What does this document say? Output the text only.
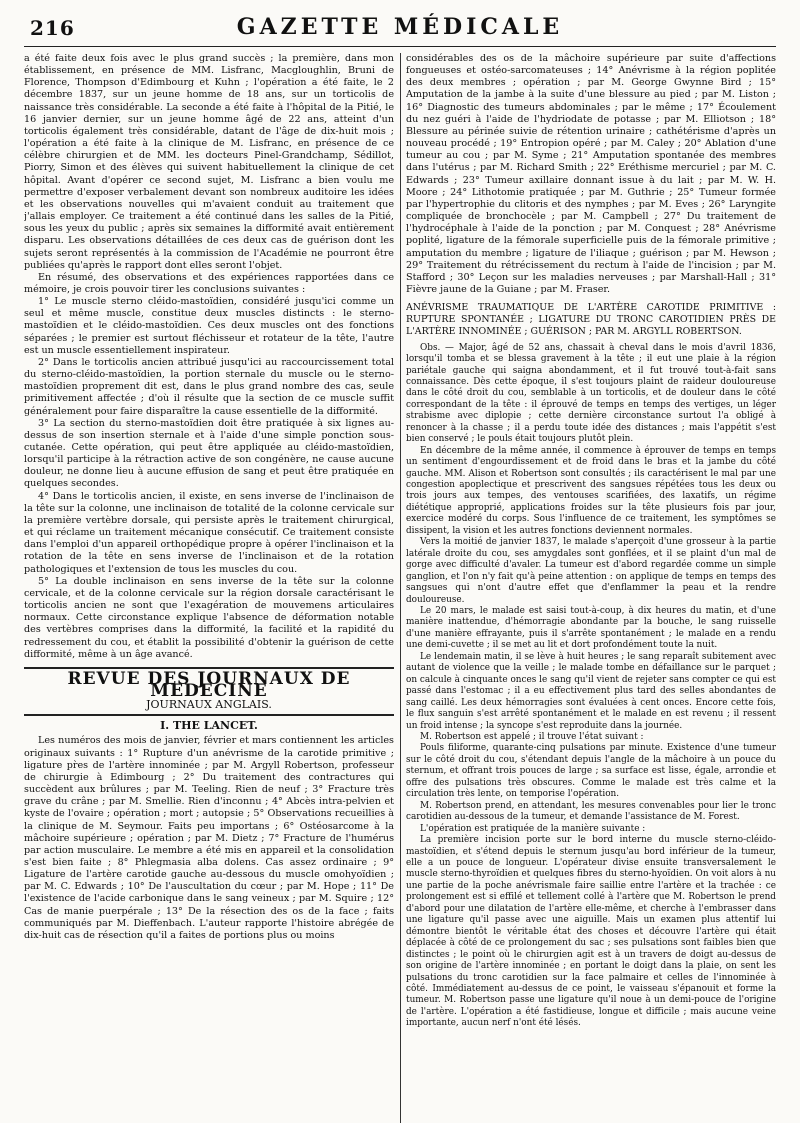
216	GAZETTE MÉDICALE

a été faite deux fois avec le plus grand succès ; la première, dans mon établissement, en présence de MM. Lisfranc, Macgloughlin, Bruni de Florence, Thompson d'Edimbourg et Kuhn ; l'opération a été faite, le 2 décembre 1837, sur un jeune homme de 18 ans, sur un torticolis de naissance très considérable. La seconde a été faite à l'hôpital de la Pitié, le 16 janvier dernier, sur un jeune homme âgé de 22 ans, atteint d'un torticolis également très considérable, datant de l'âge de dix-huit mois ; l'opération a été faite à la clinique de M. Lisfranc, en présence de ce célèbre chirurgien et de MM. les docteurs Pinel-Grandchamp, Sédillot, Piorry, Simon et des élèves qui suivent habituellement la clinique de cet hôpital. Avant d'opérer ce second sujet, M. Lisfranc a bien voulu me permettre d'exposer verbalement devant son nombreux auditoire les idées et les observations nouvelles qui m'avaient conduit au traitement que j'allais employer. Ce traitement a été continué dans les salles de la Pitié, sous les yeux du public ; après six semaines la difformité avait entièrement disparu. Les observations détaillées de ces deux cas de guérison dont les sujets seront représentés à la commission de l'Académie ne pourront être publiées qu'après le rapport dont elles seront l'objet.

En résumé, des observations et des expériences rapportées dans ce mémoire, je crois pouvoir tirer les conclusions suivantes :

1° Le muscle sterno cléido-mastoïdien, considéré jusqu'ici comme un seul et même muscle, constitue deux muscles distincts : le sterno-mastoïdien et le cléido-mastoïdien. Ces deux muscles ont des fonctions séparées ; le premier est surtout fléchisseur et rotateur de la tête, l'autre est un muscle essentiellement inspirateur.

2° Dans le torticolis ancien attribué jusqu'ici au raccourcissement total du sterno-cléido-mastoïdien, la portion sternale du muscle ou le sterno-mastoïdien proprement dit est, dans le plus grand nombre des cas, seule primitivement affectée ; d'où il résulte que la section de ce muscle suffit généralement pour faire disparaître la cause essentielle de la difformité.

3° La section du sterno-mastoïdien doit être pratiquée à six lignes au-dessus de son insertion sternale et à l'aide d'une simple ponction sous-cutanée. Cette opération, qui peut être appliquée au cléido-mastoïdien, lorsqu'il participe à la rétraction active de son congénère, ne cause aucune douleur, ne donne lieu à aucune effusion de sang et peut être pratiquée en quelques secondes.

4° Dans le torticolis ancien, il existe, en sens inverse de l'inclinaison de la tête sur la colonne, une inclinaison de totalité de la colonne cervicale sur la première vertèbre dorsale, qui persiste après le traitement chirurgical, et qui réclame un traitement mécanique consécutif. Ce traitement consiste dans l'emploi d'un appareil orthopédique propre à opérer l'inclinaison et la rotation de la tête en sens inverse de l'inclinaison et de la rotation pathologiques et l'extension de tous les muscles du cou.

5° La double inclinaison en sens inverse de la tête sur la colonne cervicale, et de la colonne cervicale sur la région dorsale caractérisant le torticolis ancien ne sont que l'exagération de mouvemens articulaires normaux. Cette circonstance explique l'absence de déformation notable des vertèbres comprises dans la difformité, la facilité et la rapidité du redressement du cou, et établit la possibilité d'obtenir la guérison de cette difformité, même à un âge avancé.

REVUE DES JOURNAUX DE MEDECINE
JOURNAUX ANGLAIS.
I. THE LANCET.

Les numéros des mois de janvier, février et mars contiennent les articles originaux suivants : 1° Rupture d'un anévrisme de la carotide primitive ; ligature pr̀es de l'artère innominée ; par M. Argyll Robertson, professeur de chirurgie à Edimbourg ; 2° Du traitement des contractures qui succèdent aux brûlures ; par M. Teeling. Rien de neuf ; 3° Fracture très grave du crâne ; par M. Smellie. Rien d'inconnu ; 4° Abcès intra-pelvien et kyste de l'ovaire ; opération ; mort ; autopsie ; 5° Observations recueillies à la clinique de M. Seymour. Faits peu importans ; 6° Ostéosarcome à la mâchoire supérieure ; opération ; par M. Dietz ; 7° Fracture de l'humérus par action musculaire. Le membre a été mis en appareil et la consolidation s'est bien faite ; 8° Phlegmasia alba dolens. Cas assez ordinaire ; 9° Ligature de l'artère carotide gauche au-dessous du muscle omohyoïdien ; par M. C. Edwards ; 10° De l'auscultation du cœur ; par M. Hope ; 11° De l'existence de l'acide carbonique dans le sang veineux ; par M. Squire ; 12° Cas de manie puerpérale ; 13° De la résection des os de la face ; faits communiqués par M. Dieffenbach. L'auteur rapporte l'histoire abrégée de dix-huit cas de résection qu'il a faites de portions plus ou moins

considérables des os de la mâchoire supérieure par suite d'affections fongueuses et ostéo-sarcomateuses ; 14° Anévrisme à la région poplitée des deux membres ; opération ; par M. George Gwynne Bird ; 15° Amputation de la jambe à la suite d'une blessure au pied ; par M. Liston ; 16° Diagnostic des tumeurs abdominales ; par le même ; 17° Écoulement du nez guéri à l'aide de l'hydriodate de potasse ; par M. Elliotson ; 18° Blessure au périnée suivie de rétention urinaire ; cathétérisme d'après un nouveau procédé ; 19° Entropion opéré ; par M. Caley ; 20° Ablation d'une tumeur au cou ; par M. Syme ; 21° Amputation spontanée des membres dans l'utérus ; par M. Richard Smith ; 22° Eréthisme mercuriel ; par M. C. Edwards ; 23° Tumeur axillaire donnant issue à du lait ; par M. W. H. Moore ; 24° Lithotomie pratiquée ; par M. Guthrie ; 25° Tumeur formée par l'hypertrophie du clitoris et des nymphes ; par M. Eves ; 26° Laryngite compliquée de bronchocèle ; par M. Campbell ; 27° Du traitement de l'hydrocéphale à l'aide de la ponction ; par M. Conquest ; 28° Anévrisme poplité, ligature de la fémorale superficielle puis de la fémorale primitive ; amputation du membre ; ligature de l'iliaque ; guérison ; par M. Hewson ; 29° Traitement du rétrécissement du rectum à l'aide de l'incision ; par M. Stafford ; 30° Leçon sur les maladies nerveuses ; par Marshall-Hall ; 31° Fièvre jaune de la Guiane ; par M. Fraser.

ANÉVRISME TRAUMATIQUE DE L'ARTÈRE CAROTIDE PRIMITIVE : RUPTURE SPONTANÉE ; LIGATURE DU TRONC CAROTIDIEN PRÈS DE L'ARTÈRE INNOMINÉE ; GUÉRISON ; PAR M. ARGYLL ROBERTSON.

Obs. — Major, âgé de 52 ans, chassait à cheval dans le mois d'avril 1836, lorsqu'il tomba et se blessa gravement à la tête ; il eut une plaie à la région pariétale gauche qui saigna abondamment, et il fut trouvé tout-à-fait sans connaissance. Dès cette époque, il s'est toujours plaint de raideur douloureuse dans le côté droit du cou, semblable à un torticolis, et de douleur dans le côté correspondant de la tête : il éprouvé de temps en temps des vertiges, un léger strabisme avec diplopie ; cette dernière circonstance surtout l'a obligé à renoncer à la chasse ; il a perdu toute idée des distances ; mais l'appétit s'est bien conservé ; le pouls était toujours plutôt plein.

En décembre de la même année, il commence à éprouver de temps en temps un sentiment d'engourdissement et de froid dans le bras et la jambe du côté gauche. MM. Alison et Robertson sont consultés ; ils caractérisent le mal par une congestion apoplectique et prescrivent des sangsues répétées tous les deux ou trois jours aux tempes, des ventouses scarifiées, des laxatifs, un régime diététique approprié, applications froides sur la tête plusieurs fois par jour, exercice modéré du corps. Sous l'influence de ce traitement, les symptômes se dissipent, la vision et les autres fonctions deviennent normales.

Vers la moitié de janvier 1837, le malade s'aperçoit d'une grosseur à la partie latérale droite du cou, ses amygdales sont gonflées, et il se plaint d'un mal de gorge avec difficulté d'avaler. La tumeur est d'abord regardée comme un simple ganglion, et l'on n'y fait qu'à peine attention : on applique de temps en temps des sangsues qui n'ont d'autre effet que d'enflammer la peau et la rendre douloureuse.

Le 20 mars, le malade est saisi tout-à-coup, à dix heures du matin, et d'une manière inattendue, d'hémorragie abondante par la bouche, le sang ruisselle d'une manière effrayante, puis il s'arrête spontanément ; le malade en a rendu une demi-cuvette ; il se met au lit et dort profondément toute la nuit.

Le lendemain matin, il se lève à huit heures ; le sang reparaît subitement avec autant de violence que la veille ; le malade tombe en défaillance sur le parquet ; on calcule à cinquante onces le sang qu'il vient de rejeter sans compter ce qui est passé dans l'estomac ; il a eu effectivement plus tard des selles abondantes de sang caillé. Les deux hémorragies sont évaluées à cent onces. Encore cette fois, le flux sanguin s'est arrêté spontanément et le malade en est revenu ; il ressent un froid intense ; la syncope s'est reproduite dans la journée.

M. Robertson est appelé ; il trouve l'état suivant :

Pouls filiforme, quarante-cinq pulsations par minute. Existence d'une tumeur sur le côté droit du cou, s'étendant depuis l'angle de la mâchoire à un pouce du sternum, et offrant trois pouces de large ; sa surface est lisse, égale, arrondie et offre des pulsations très obscures. Comme le malade est très calme et la circulation très lente, on temporise l'opération.

M. Robertson prend, en attendant, les mesures convenables pour lier le tronc carotidien au-dessous de la tumeur, et demande l'assistance de M. Forest.

L'opération est pratiquée de la manière suivante :

La première incision porte sur le bord interne du muscle sterno-cléido-mastoïdien, et s'étend depuis le sternum jusqu'au bord inférieur de la tumeur, elle a un pouce de longueur. L'opérateur divise ensuite transversalement le muscle sterno-thyroïdien et quelques fibres du sterno-hyoïdien. On voit alors à nu une partie de la poche anévrismale faire saillie entre l'artère et la trachée : ce prolongement est si effilé et tellement collé à l'artère que M. Robertson le prend d'abord pour une dilatation de l'artère elle-même, et cherche à l'embrasser dans une ligature qu'il passe avec une aiguille. Mais un examen plus attentif lui démontre bientôt le véritable état des choses et découvre l'artère qui était déplacée à côté de ce prolongement du sac ; ses pulsations sont faibles bien que distinctes ; le point où le chirurgien agit est à un travers de doigt au-dessus de son origine de l'artère innominée ; en portant le doigt dans la plaie, on sent les pulsations du tronc carotidien sur la face palmaire et celles de l'innominée à côté. Immédiatement au-dessus de ce point, le vaisseau s'épanouit et forme la tumeur. M. Robertson passe une ligature qu'il noue à un demi-pouce de l'origine de l'artère. L'opération a été fastidieuse, longue et difficile ; mais aucune veine importante, aucun nerf n'ont été lésés.
